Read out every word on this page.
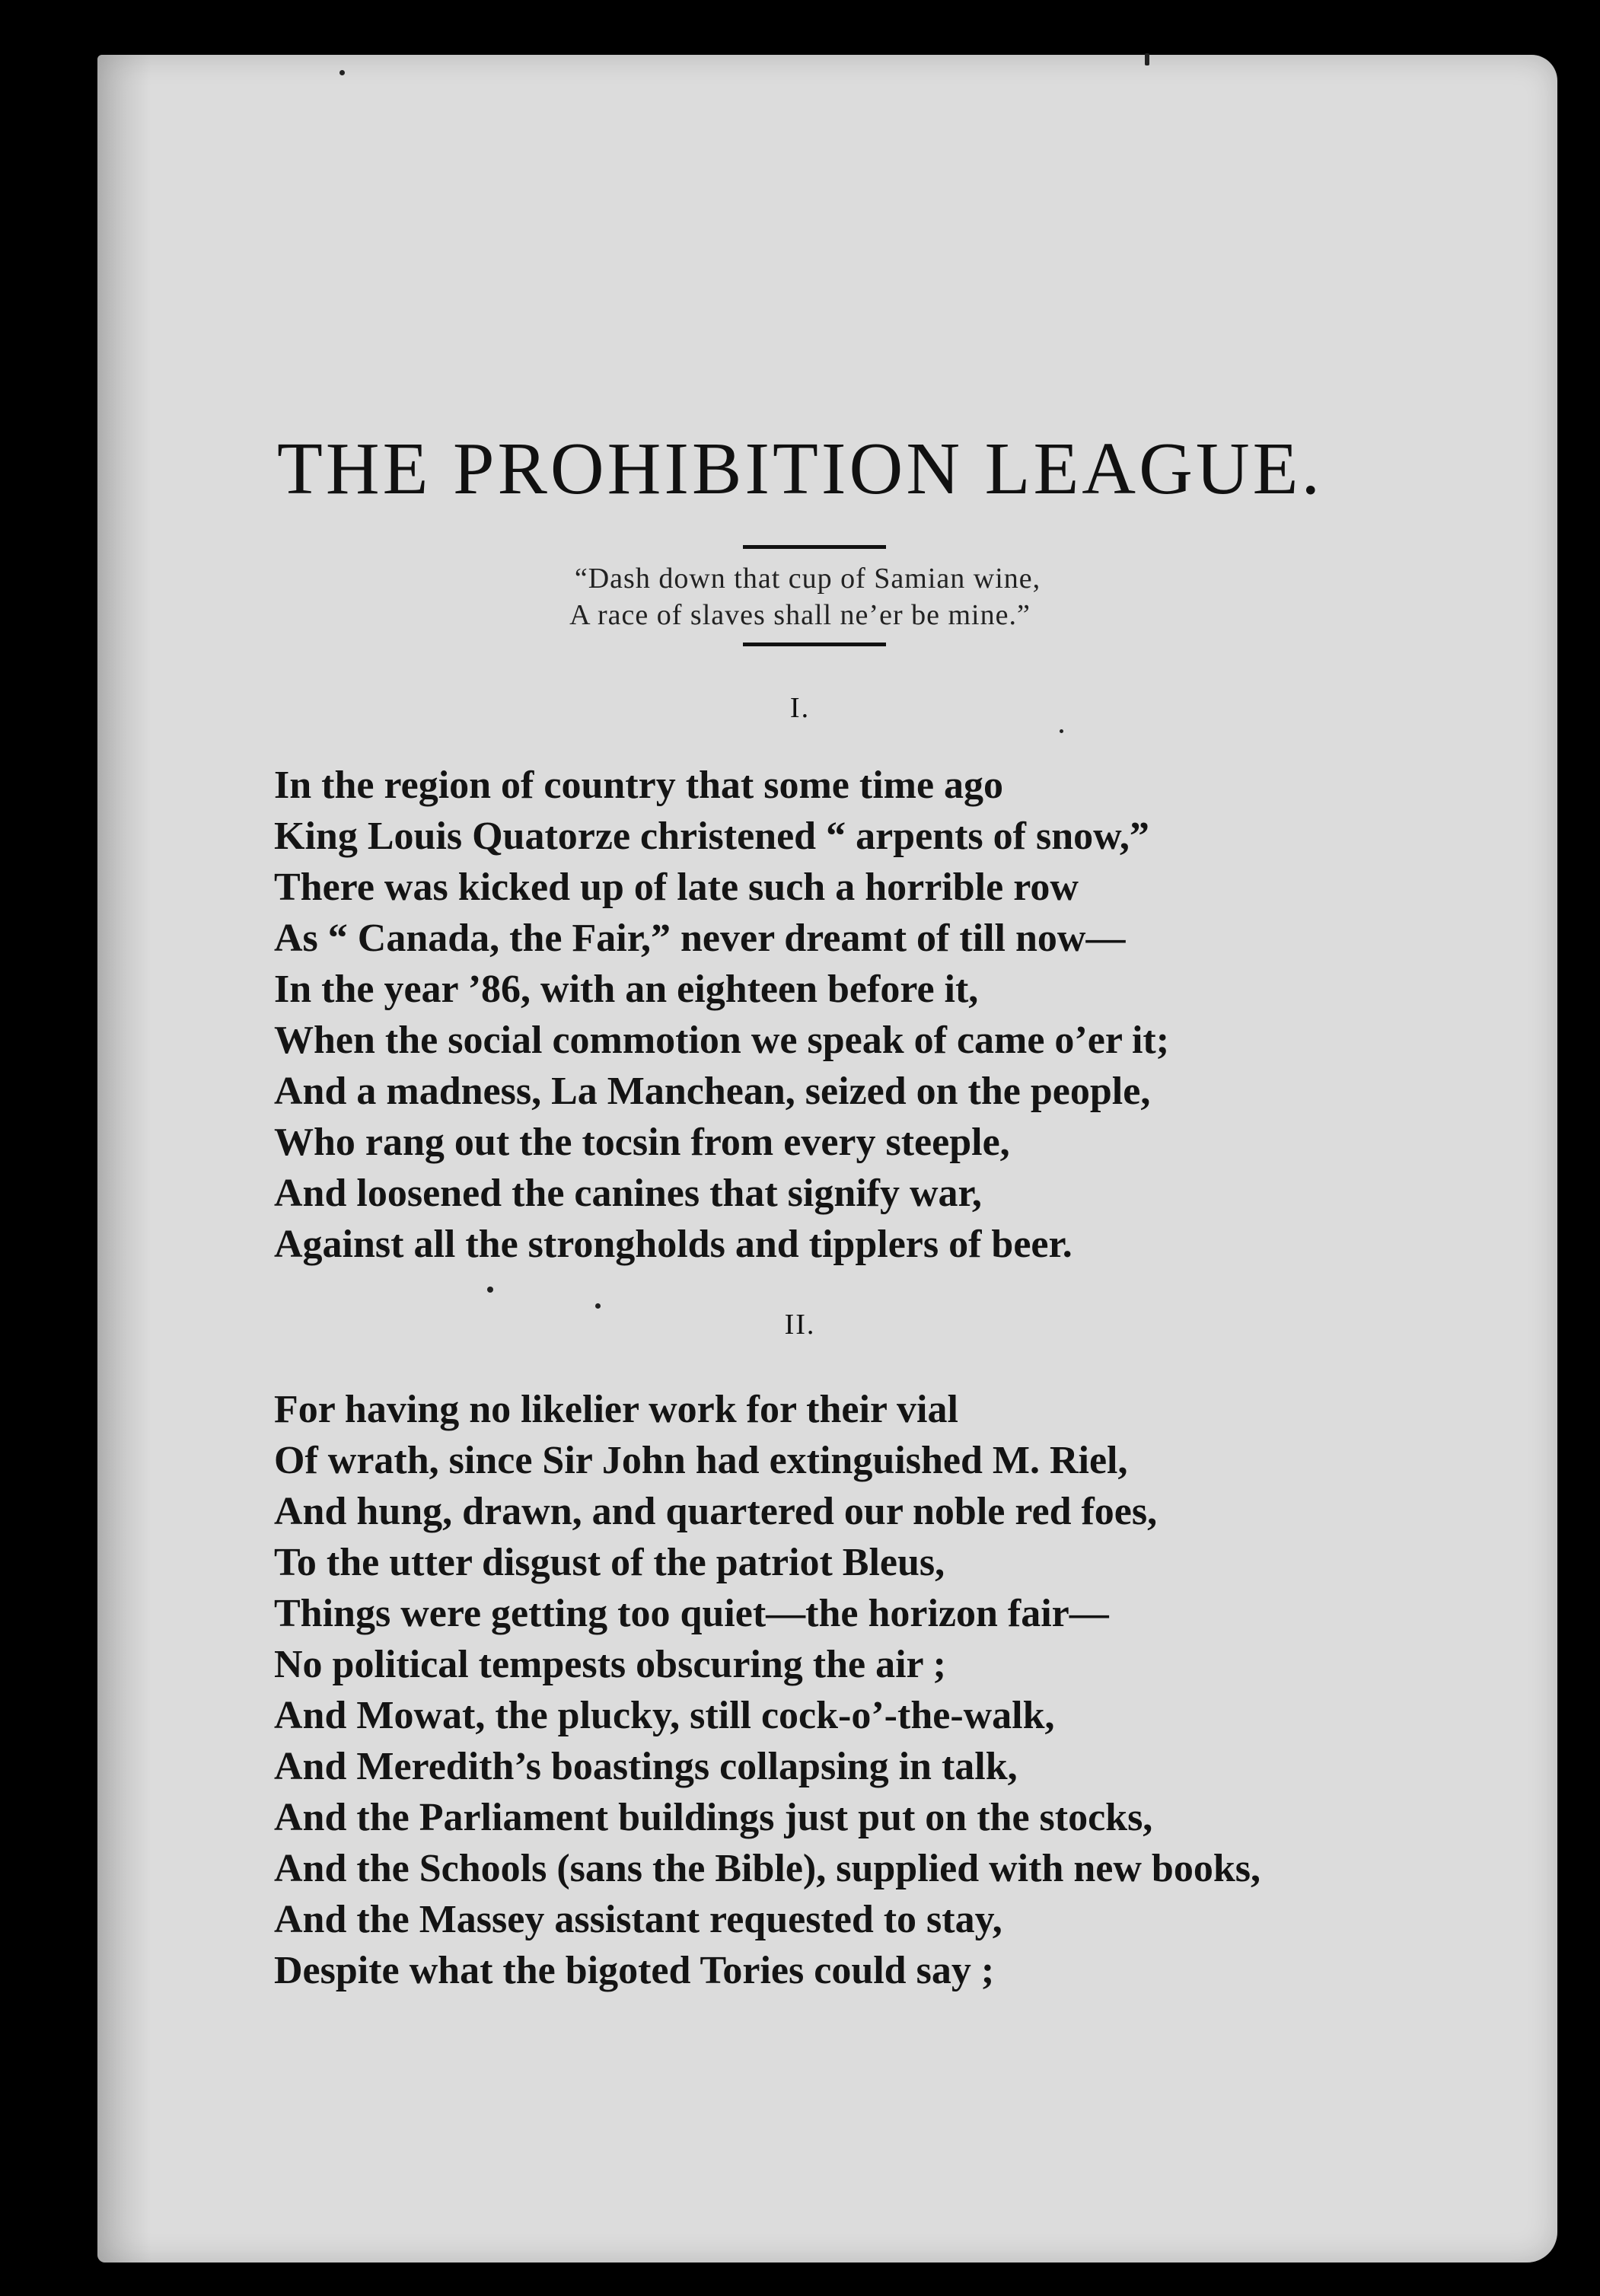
THE PROHIBITION LEAGUE.
“Dash down that cup of Samian wine,
A race of slaves shall ne’er be mine.”
I.
In the region of country that some time ago
King Louis Quatorze christened “ arpents of snow,”
There was kicked up of late such a horrible row
As “ Canada, the Fair,” never dreamt of till now—
In the year ’86, with an eighteen before it,
When the social commotion we speak of came o’er it;
And a madness, La Manchean, seized on the people,
Who rang out the tocsin from every steeple,
And loosened the canines that signify war,
Against all the strongholds and tipplers of beer.
II.
For having no likelier work for their vial
Of wrath, since Sir John had extinguished M. Riel,
And hung, drawn, and quartered our noble red foes,
To the utter disgust of the patriot Bleus,
Things were getting too quiet—the horizon fair—
No political tempests obscuring the air ;
And Mowat, the plucky, still cock-o’-the-walk,
And Meredith’s boastings collapsing in talk,
And the Parliament buildings just put on the stocks,
And the Schools (sans the Bible), supplied with new books,
And the Massey assistant requested to stay,
Despite what the bigoted Tories could say ;
